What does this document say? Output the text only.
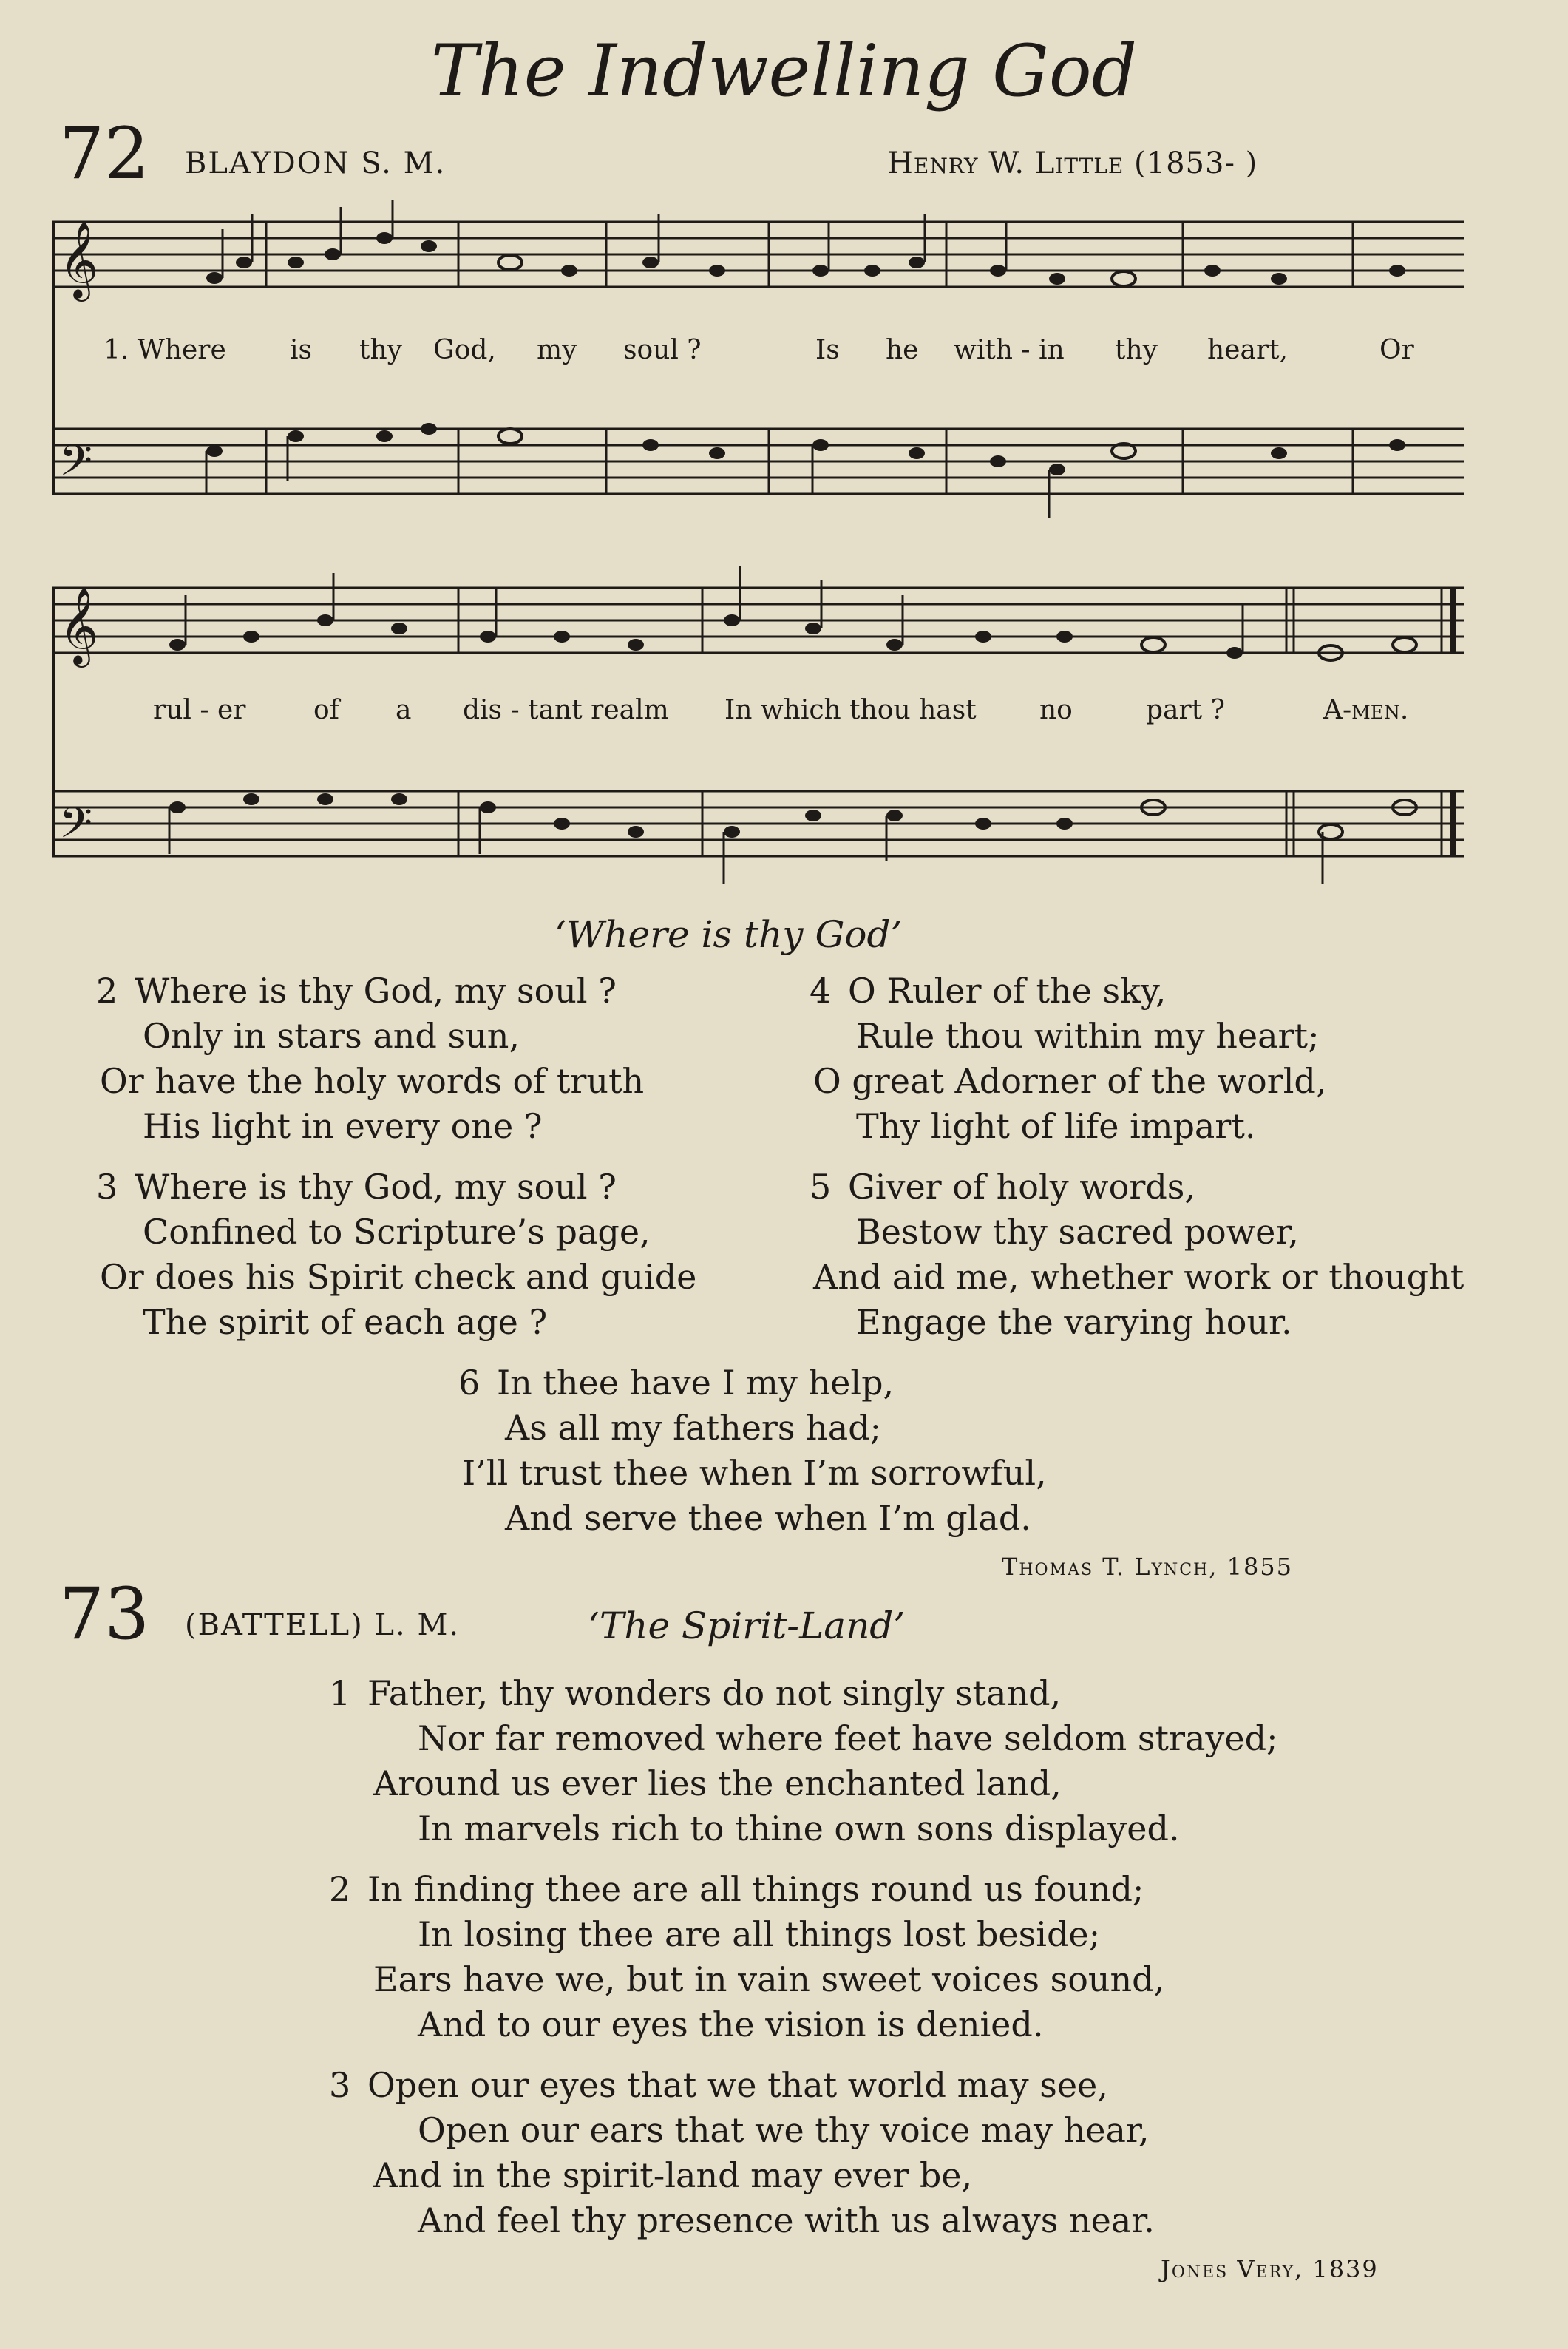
The Indwelling God
72 BLAYDON S. M.	Henry W. Little (1853- )
𝄞
𝄢
1. Where is thy God, my soul ?	Is he with - in thy heart,	Or
𝄞
𝄢
rul - er	of a dis - tant realm In which thou hast no	part ?	A-men.
‘Where is thy God’
2 Where is thy God, my soul ?
Only in stars and sun,
Or have the holy words of truth
His light in every one ?
3 Where is thy God, my soul ?
Confined to Scripture’s page,
Or does his Spirit check and guide
The spirit of each age ?
4 O Ruler of the sky,
Rule thou within my heart;
O great Adorner of the world,
Thy light of life impart.
5 Giver of holy words,
Bestow thy sacred power,
And aid me, whether work or thought
Engage the varying hour.
6 In thee have I my help,
As all my fathers had;
I’ll trust thee when I’m sorrowful,
And serve thee when I’m glad.
Thomas T. Lynch, 1855
73 (BATTELL) L. M.	‘The Spirit-Land’
1 Father, thy wonders do not singly stand,
Nor far removed where feet have seldom strayed;
Around us ever lies the enchanted land,
In marvels rich to thine own sons displayed.
2 In finding thee are all things round us found;
In losing thee are all things lost beside;
Ears have we, but in vain sweet voices sound,
And to our eyes the vision is denied.
3 Open our eyes that we that world may see,
Open our ears that we thy voice may hear,
And in the spirit-land may ever be,
And feel thy presence with us always near.
Jones Very, 1839
